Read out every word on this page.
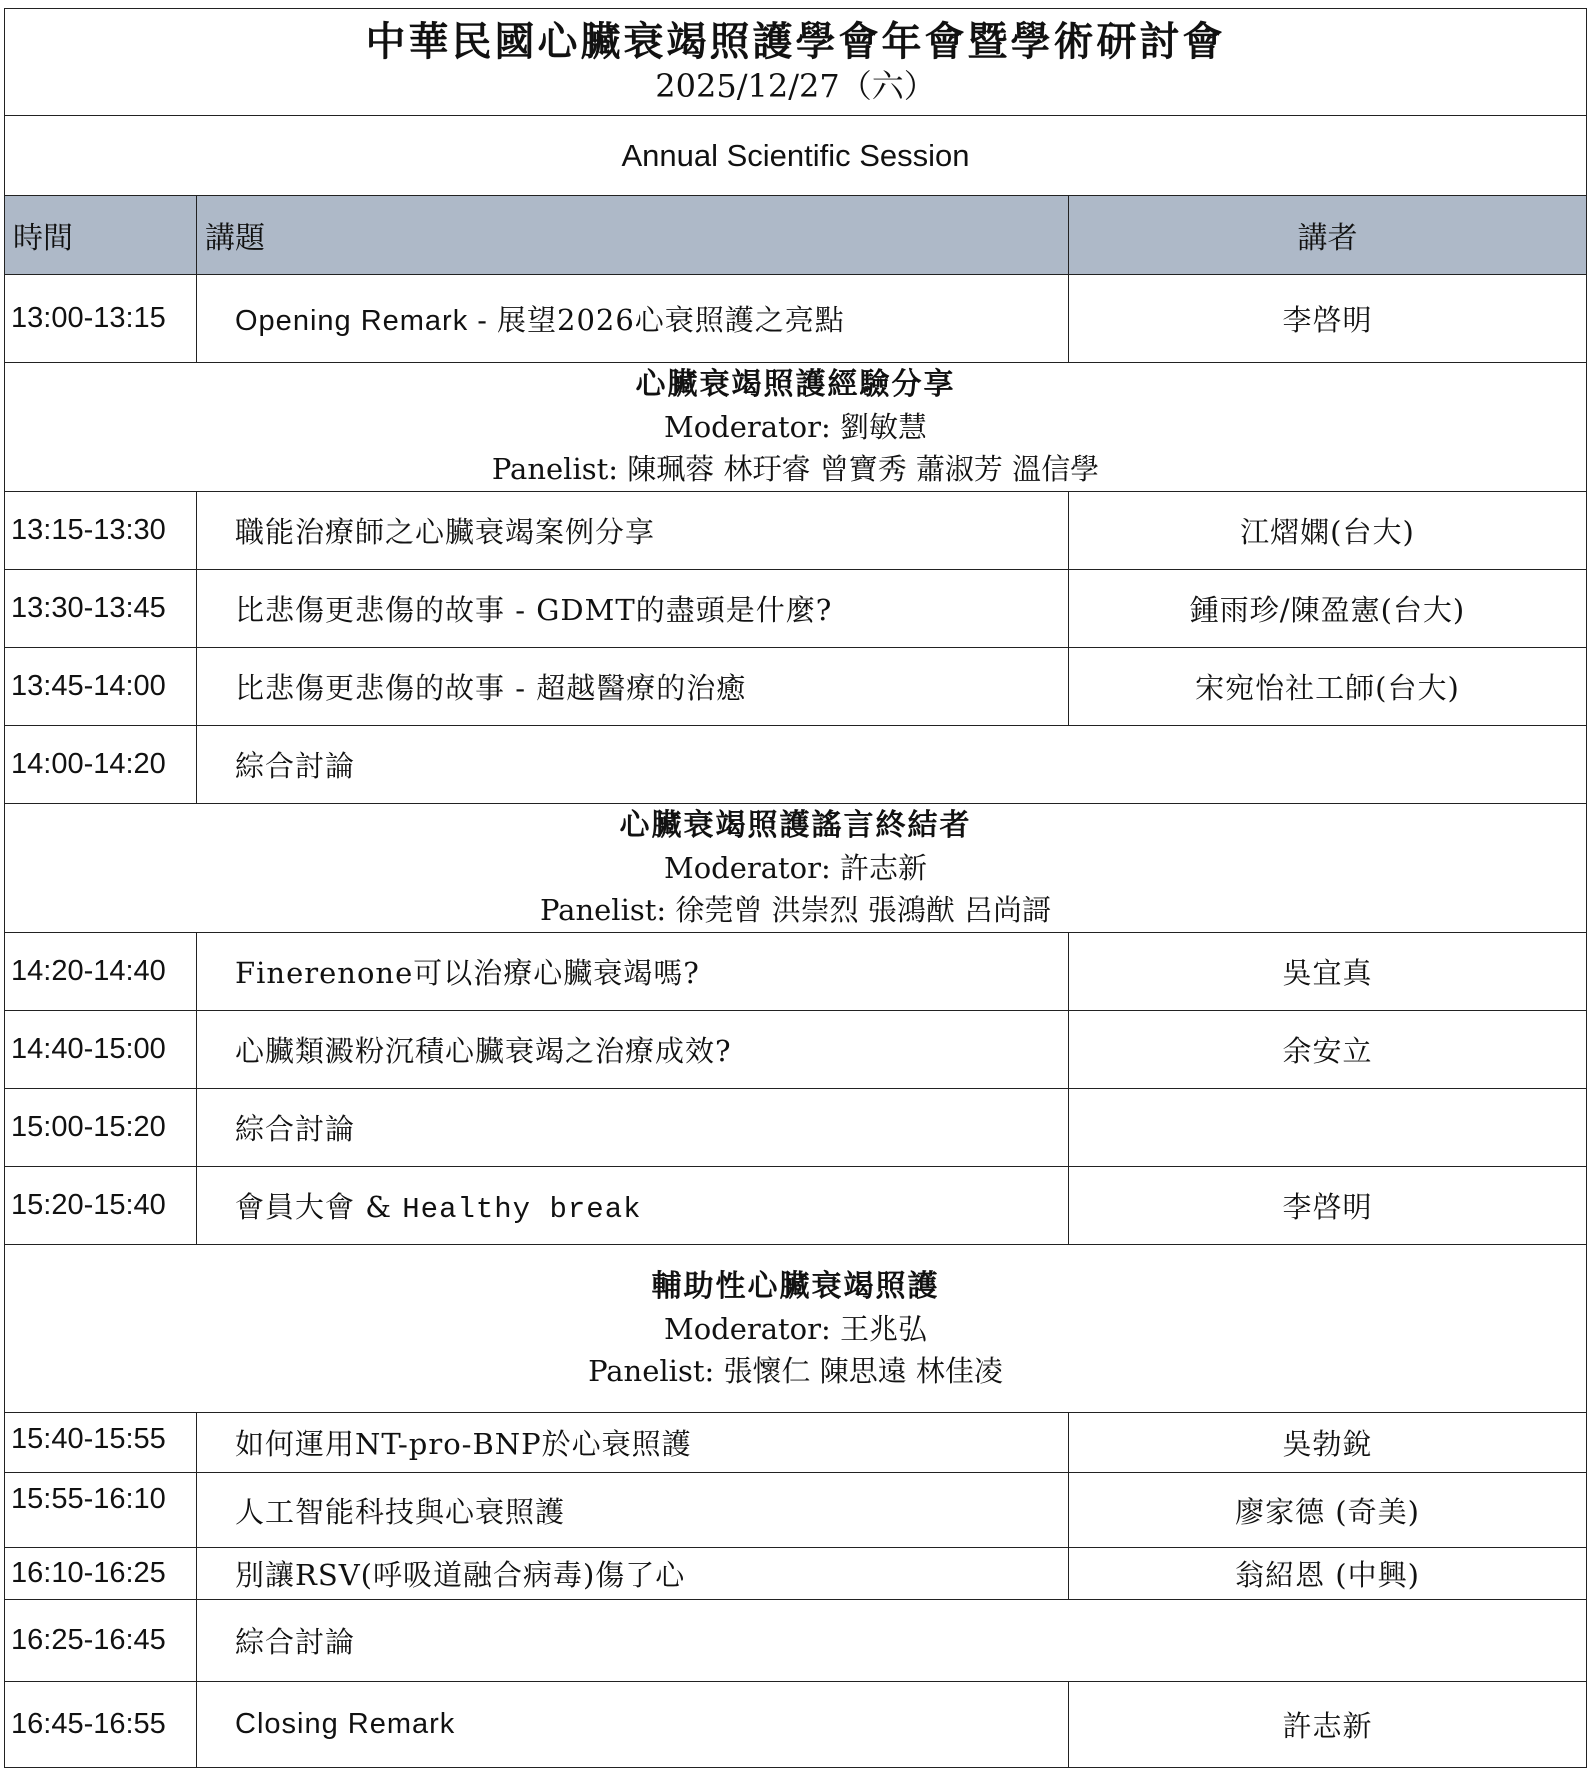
中華民國心臟衰竭照護學會年會暨學術研討會
2025/12/27（六）		

Annual Scientific Session		
時間	講題	講者
13:00-13:15	Opening Remark - 展望2026心衰照護之亮點	李啓明

心臟衰竭照護經驗分享
Moderator: 劉敏慧
Panelist: 陳珮蓉 林玗睿 曾寶秀 蕭淑芳 溫信學		

13:15-13:30	職能治療師之心臟衰竭案例分享	江熠嫻(台大)
13:30-13:45	比悲傷更悲傷的故事 - GDMT的盡頭是什麼?	鍾雨珍/陳盈憲(台大)
13:45-14:00	比悲傷更悲傷的故事 - 超越醫療的治癒	宋宛怡社工師(台大)
14:00-14:20	綜合討論	

心臟衰竭照護謠言終結者
Moderator: 許志新
Panelist: 徐莞曾 洪崇烈 張鴻猷 呂尚謌		

14:20-14:40	Finerenone可以治療心臟衰竭嗎?	吳宜真
14:40-15:00	心臟類澱粉沉積心臟衰竭之治療成效?	余安立
15:00-15:20	綜合討論	
15:20-15:40	會員大會 & Healthy break	李啓明

輔助性心臟衰竭照護
Moderator: 王兆弘
Panelist: 張懷仁 陳思遠 林佳凌		

15:40-15:55	如何運用NT-pro-BNP於心衰照護	吳勃銳
15:55-16:10	人工智能科技與心衰照護	廖家德 (奇美)
16:10-16:25	別讓RSV(呼吸道融合病毒)傷了心	翁紹恩 (中興)
16:25-16:45	綜合討論	
16:45-16:55	Closing Remark	許志新
